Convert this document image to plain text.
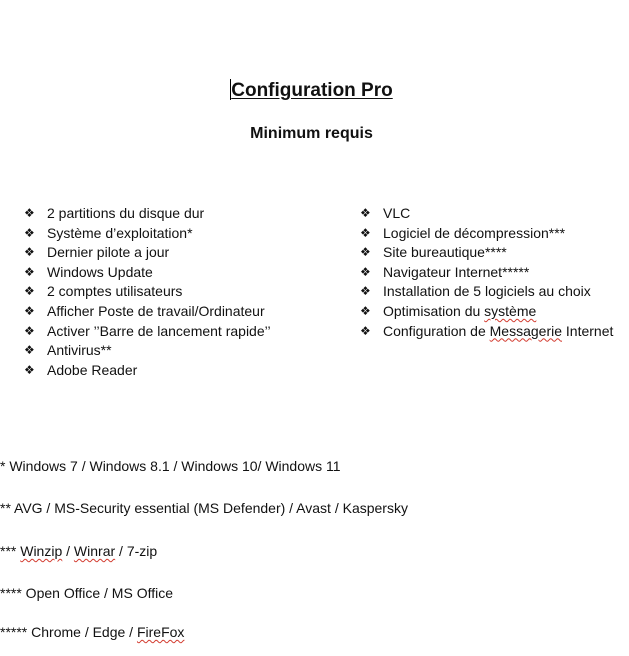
Configuration Pro
Minimum requis
❖ 2 partitions du disque dur
❖ Système d’exploitation*
❖ Dernier pilote a jour
❖ Windows Update
❖ 2 comptes utilisateurs
❖ Afficher Poste de travail/Ordinateur
❖ Activer ’’Barre de lancement rapide’’
❖ Antivirus**
❖ Adobe Reader
❖ VLC
❖ Logiciel de décompression***
❖ Site bureautique****
❖ Navigateur Internet*****
❖ Installation de 5 logiciels au choix
❖ Optimisation du système
❖ Configuration de Messagerie Internet
* Windows 7 / Windows 8.1 / Windows 10/ Windows 11
** AVG / MS-Security essential (MS Defender) / Avast / Kaspersky
*** Winzip / Winrar / 7-zip
**** Open Office / MS Office
***** Chrome / Edge / FireFox
